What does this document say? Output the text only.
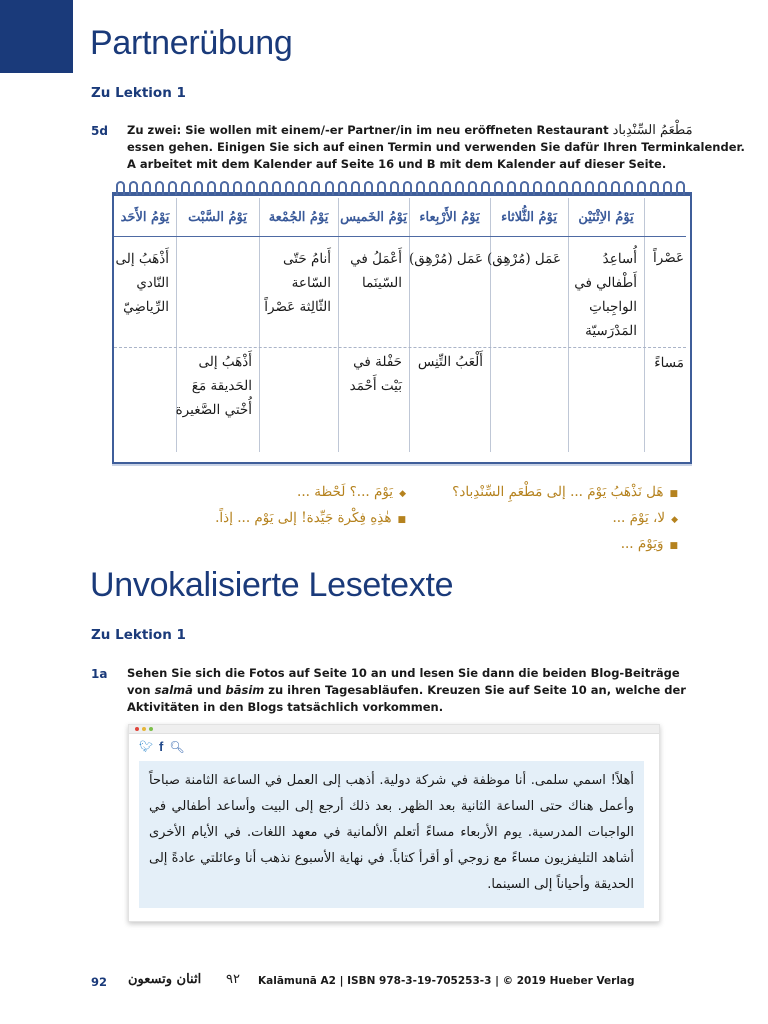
Partnerübung
Zu Lektion 1
5d Zu zwei: Sie wollen mit einem/-er Partner/in im neu eröffneten Restaurant مَطْعَمُ السِّنْدِباد
essen gehen. Einigen Sie sich auf einen Termin und verwenden Sie dafür Ihren Terminkalender.
A arbeitet mit dem Kalender auf Seite 16 und B mit dem Kalender auf dieser Seite.
يَوْمُ الاِثْنَيْن
يَوْمُ الثُّلاثاء
يَوْمُ الأَرْبِعاء
يَوْمُ الخَميس
يَوْمُ الجُمْعة
يَوْمُ السَّبْت
يَوْمُ الأَحَد
عَصْراً
مَساءً
أُساعِدُ
أَطْفالي في
الواجِباتِ
المَدْرَسيّة
عَمَل (مُرْهِق)
عَمَل (مُرْهِق)
أَعْمَلُ في
السّينَما
أَنامُ حَتّى
السّاعة
الثّالِثة عَصْراً
أَذْهَبُ إلى
النّادي
الرِّياضِيّ
أَلْعَبُ التِّنِس
حَفْلة في
بَيْت أَحْمَد
أَذْهَبُ إلى
الحَديقة مَعَ
أُخْتي الصَّغيرة
■هَل نَذْهَبُ يَوْمَ ... إلى مَطْعَمِ السِّنْدِباد؟
◆يَوْمَ ...؟ لَحْظة ...
◆لا، يَوْمَ ...
■هٰذِهِ فِكْرة جَيِّدة! إلى يَوْم ... إذاً.
■وَيَوْمَ ...
Unvokalisierte Lesetexte
Zu Lektion 1
1a Sehen Sie sich die Fotos auf Seite 10 an und lesen Sie dann die beiden Blog-Beiträge
von salmā und bāsim zu ihren Tagesabläufen. Kreuzen Sie auf Seite 10 an, welche der
Aktivitäten in den Blogs tatsächlich vorkommen.
🐦︎ f 🔍︎
أهلاً! اسمي سلمى. أنا موظفة في شركة دولية. أذهب إلى العمل في الساعة الثامنة صباحاً وأعمل هناك حتى الساعة الثانية بعد الظهر. بعد ذلك أرجع إلى البيت وأساعد أطفالي في الواجبات المدرسية. يوم الأربعاء مساءً أتعلم الألمانية في معهد اللغات. في الأيام الأخرى أشاهد التليفزيون مساءً مع زوجي أو أقرأ كتاباً. في نهاية الأسبوع نذهب أنا وعائلتي عادةً إلى الحديقة وأحياناً إلى السينما.
92 اثنان وتسعون ٩٢ Kalāmunā A2 | ISBN 978-3-19-705253-3 | © 2019 Hueber Verlag
